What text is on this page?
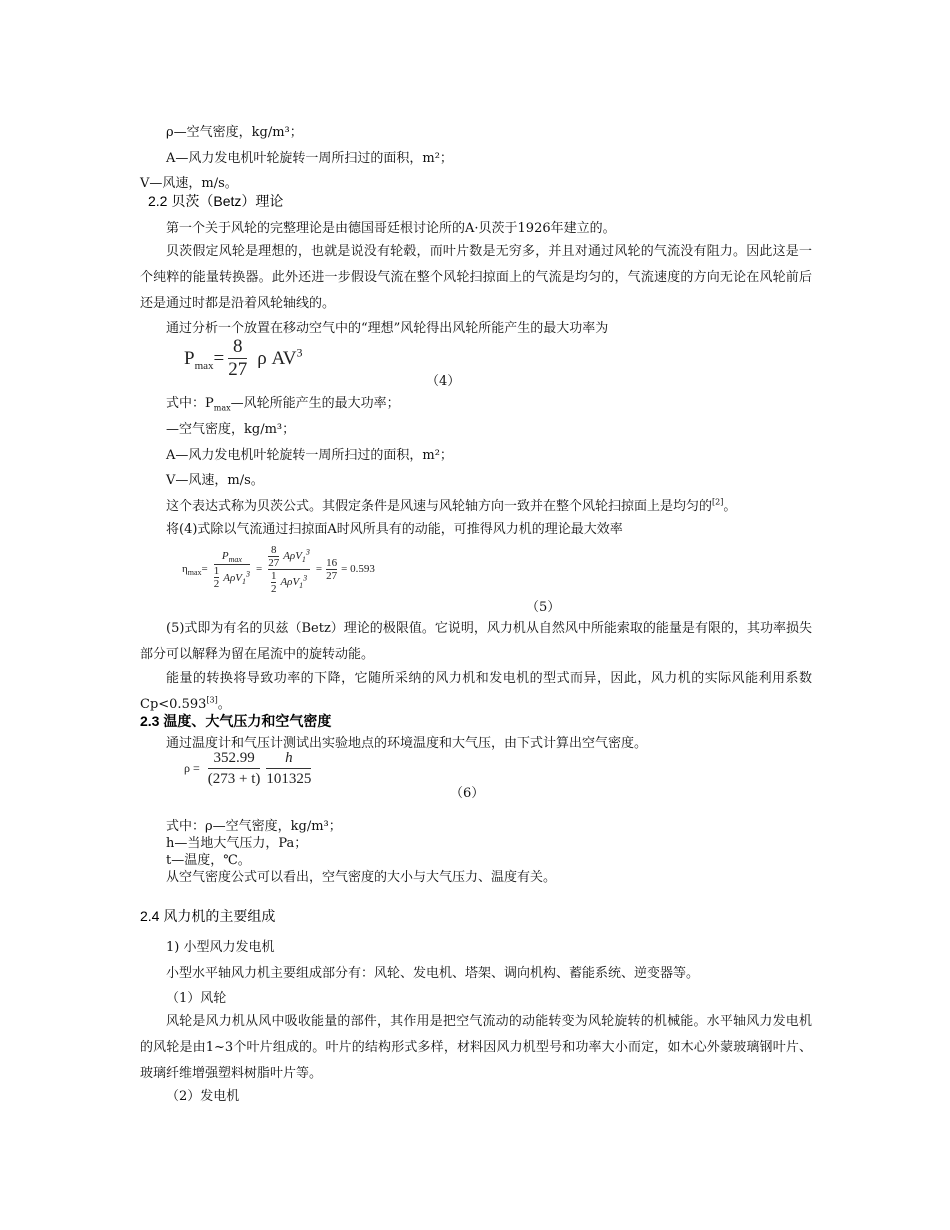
ρ—空气密度，kg/m³；
A—风力发电机叶轮旋转一周所扫过的面积，m²；
V—风速，m/s。
2.2 贝茨（Betz）理论
第一个关于风轮的完整理论是由德国哥廷根讨论所的A·贝茨于1926年建立的。
贝茨假定风轮是理想的，也就是说没有轮毂，而叶片数是无穷多，并且对通过风轮的气流没有阻力。因此这是一个纯粹的能量转换器。此外还进一步假设气流在整个风轮扫掠面上的气流是均匀的，气流速度的方向无论在风轮前后还是通过时都是沿着风轮轴线的。
通过分析一个放置在移动空气中的“理想”风轮得出风轮所能产生的最大功率为
$P_{max}= \frac{8}{27}$ ρ $AV^3$
（4）
式中：$P_{max}—$风轮所能产生的最大功率；
—空气密度，kg/m³；
A—风力发电机叶轮旋转一周所扫过的面积，m²；
V—风速，m/s。
这个表达式称为贝茨公式。其假定条件是风速与风轮轴方向一致并在整个风轮扫掠面上是均匀的[2]。
将(4)式除以气流通过扫掠面A时风所具有的动能，可推得风力机的理论最大效率
$\eta_{max}= \frac{P_{max}}{\frac{1}{2} A\rho V_1^3} = \frac{\frac{8}{27} A\rho V_1^3}{\frac{1}{2} A\rho V_1^3} = \frac{16}{27} = 0.593$
（5）
(5)式即为有名的贝兹（Betz）理论的极限值。它说明，风力机从自然风中所能索取的能量是有限的，其功率损失部分可以解释为留在尾流中的旋转动能。
能量的转换将导致功率的下降，它随所采纳的风力机和发电机的型式而异，因此，风力机的实际风能利用系数Cp<0.593[3]。
2.3 温度、大气压力和空气密度
通过温度计和气压计测试出实验地点的环境温度和大气压，由下式计算出空气密度。
$\rho = \frac{352.99}{(273 + t)} \frac{h}{101325}$
（6）
式中：ρ—空气密度，kg/m³；
h—当地大气压力，Pa；
t—温度，℃。
从空气密度公式可以看出，空气密度的大小与大气压力、温度有关。
2.4 风力机的主要组成
1) 小型风力发电机
小型水平轴风力机主要组成部分有：风轮、发电机、塔架、调向机构、蓄能系统、逆变器等。
（1）风轮
风轮是风力机从风中吸收能量的部件，其作用是把空气流动的动能转变为风轮旋转的机械能。水平轴风力发电机的风轮是由1~3个叶片组成的。叶片的结构形式多样，材料因风力机型号和功率大小而定，如木心外蒙玻璃钢叶片、玻璃纤维增强塑料树脂叶片等。
（2）发电机
